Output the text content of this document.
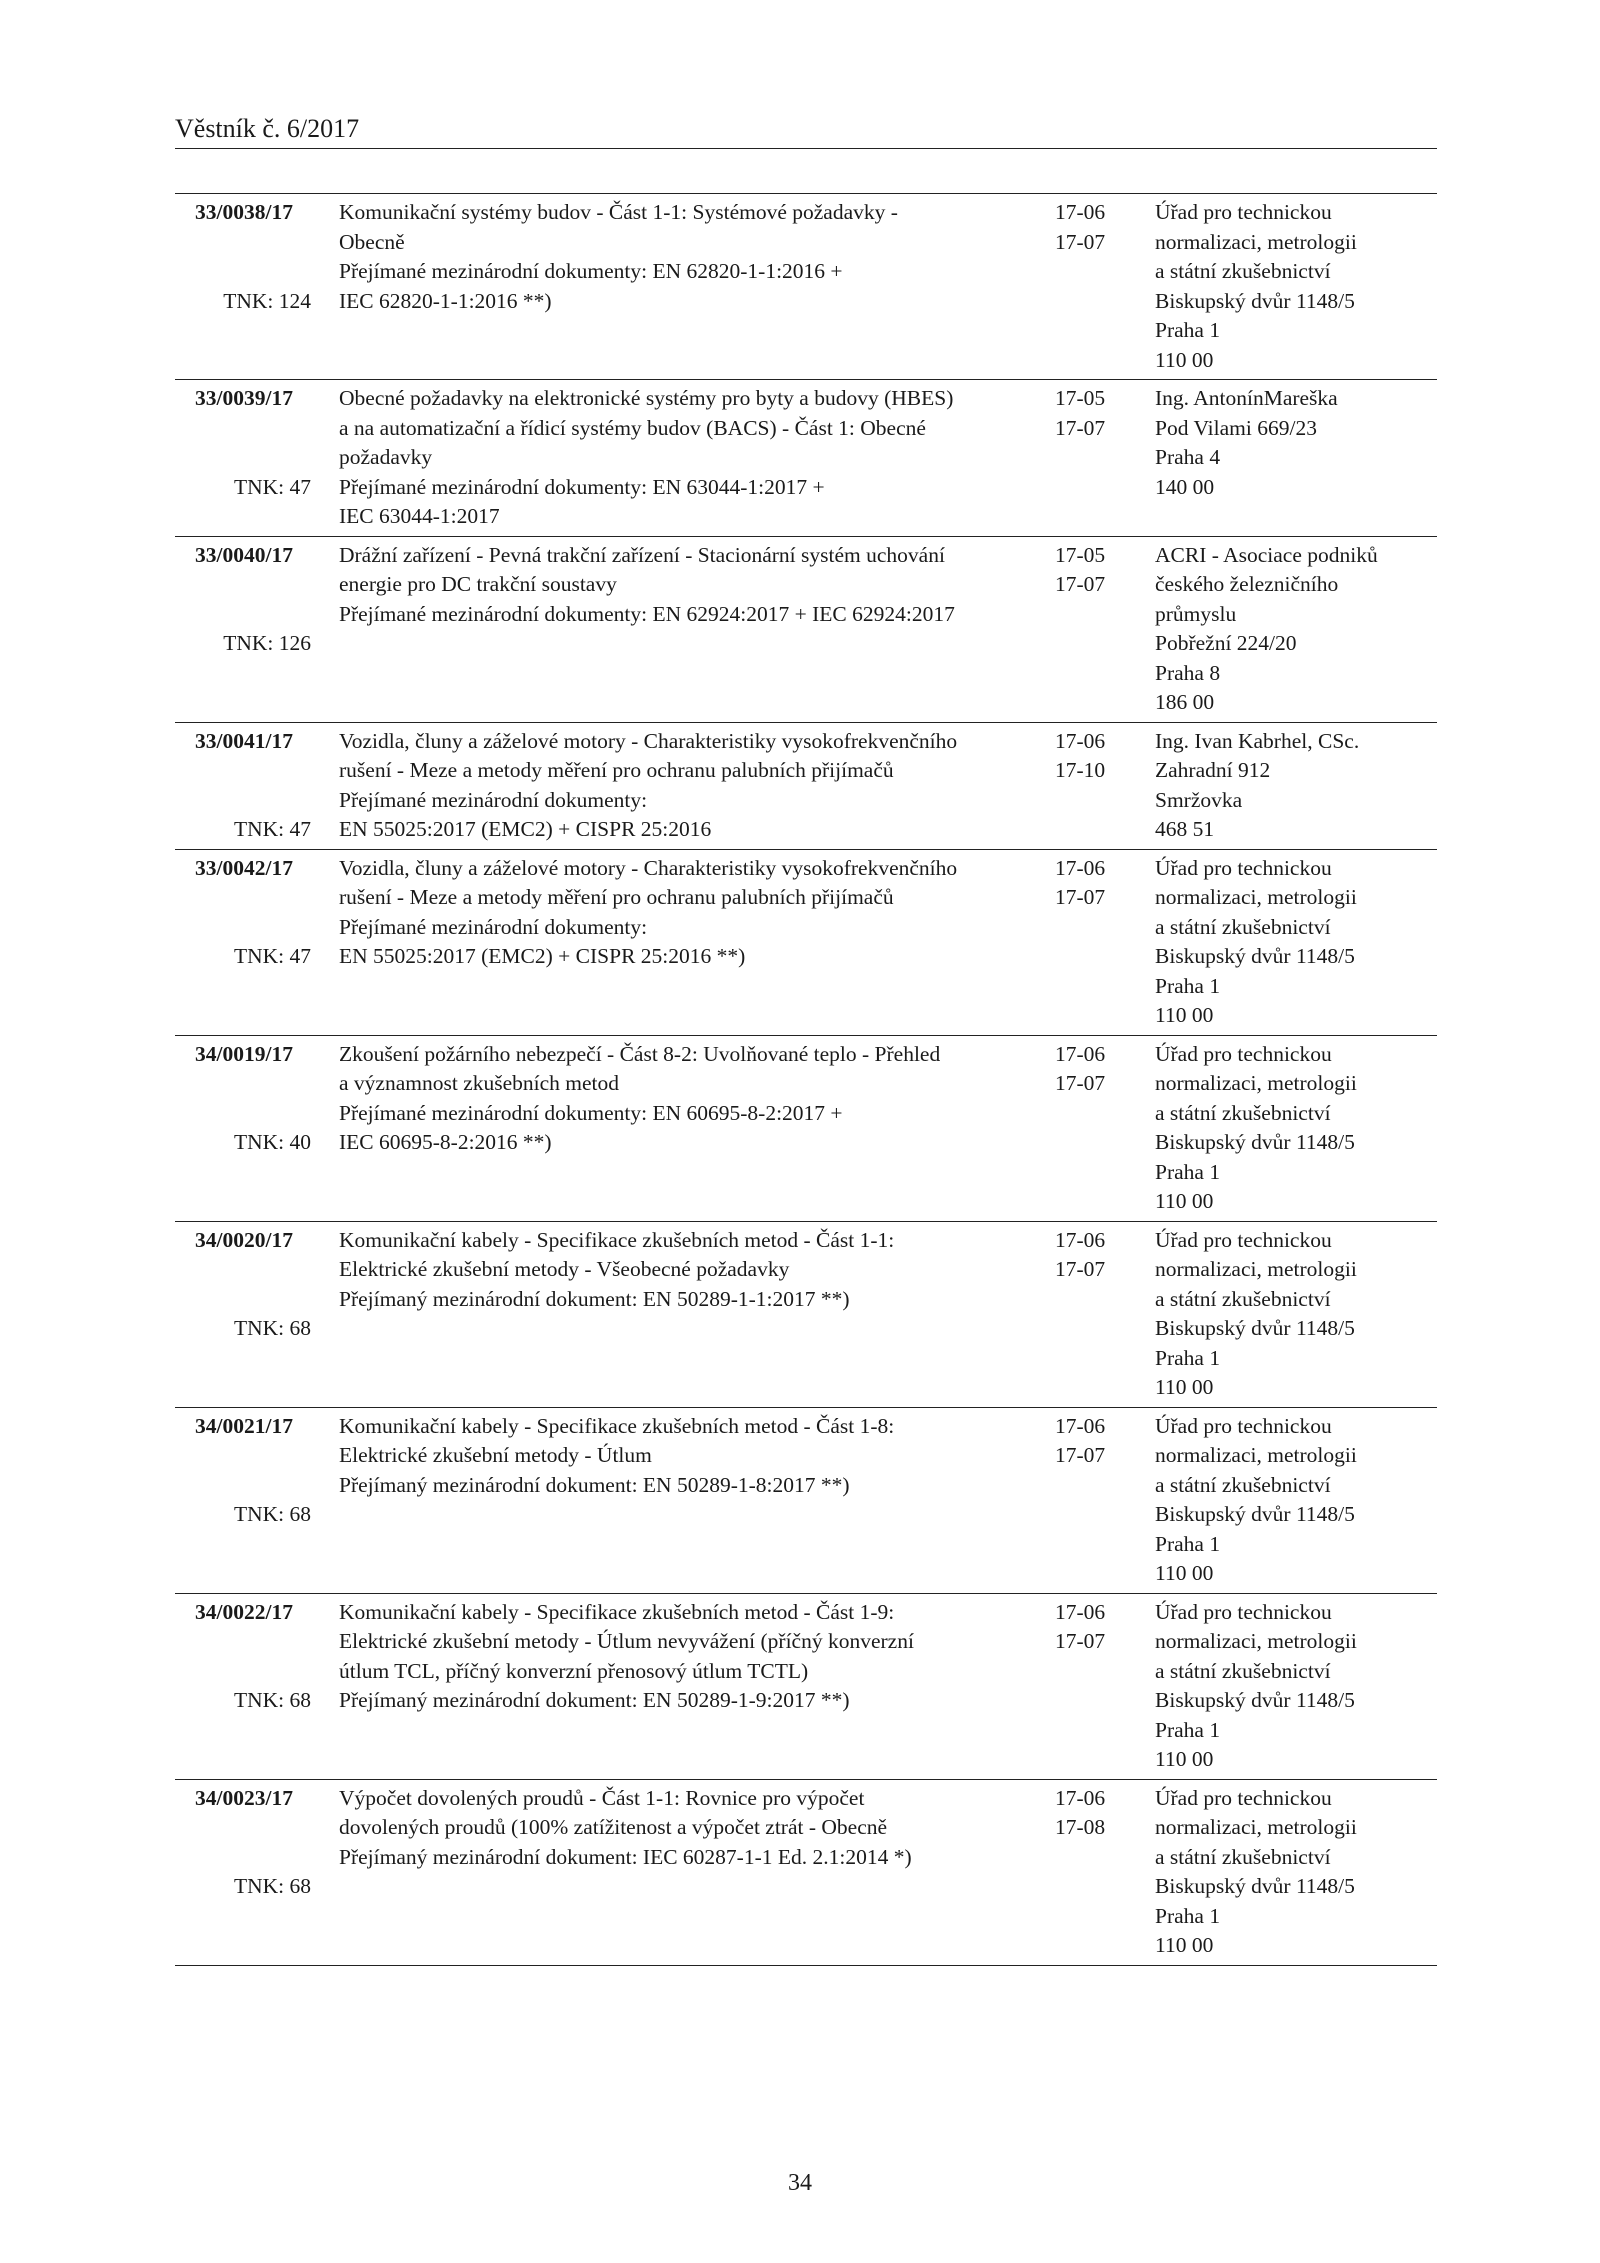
Věstník č. 6/2017
33/0038/17

TNK: 124
Komunikační systémy budov - Část 1-1: Systémové požadavky -
Obecně
Přejímané mezinárodní dokumenty: EN 62820-1-1:2016 +
IEC 62820-1-1:2016 **)
17-06
17-07
Úřad pro technickou
normalizaci, metrologii
a státní zkušebnictví
Biskupský dvůr 1148/5
Praha 1
110 00
33/0039/17

TNK: 47
Obecné požadavky na elektronické systémy pro byty a budovy (HBES)
a na automatizační a řídicí systémy budov (BACS) - Část 1: Obecné
požadavky
Přejímané mezinárodní dokumenty: EN 63044-1:2017 +
IEC 63044-1:2017
17-05
17-07
Ing. AntonínMareška
Pod Vilami 669/23
Praha 4
140 00
33/0040/17

TNK: 126
Drážní zařízení - Pevná trakční zařízení - Stacionární systém uchování
energie pro DC trakční soustavy
Přejímané mezinárodní dokumenty: EN 62924:2017 + IEC 62924:2017
17-05
17-07
ACRI - Asociace podniků
českého železničního
průmyslu
Pobřežní 224/20
Praha 8
186 00
33/0041/17

TNK: 47
Vozidla, čluny a záželové motory - Charakteristiky vysokofrekvenčního
rušení - Meze a metody měření pro ochranu palubních přijímačů
Přejímané mezinárodní dokumenty:
EN 55025:2017 (EMC2) + CISPR 25:2016
17-06
17-10
Ing. Ivan Kabrhel, CSc.
Zahradní 912
Smržovka
468 51
33/0042/17

TNK: 47
Vozidla, čluny a záželové motory - Charakteristiky vysokofrekvenčního
rušení - Meze a metody měření pro ochranu palubních přijímačů
Přejímané mezinárodní dokumenty:
EN 55025:2017 (EMC2) + CISPR 25:2016 **)
17-06
17-07
Úřad pro technickou
normalizaci, metrologii
a státní zkušebnictví
Biskupský dvůr 1148/5
Praha 1
110 00
34/0019/17

TNK: 40
Zkoušení požárního nebezpečí - Část 8-2: Uvolňované teplo - Přehled
a významnost zkušebních metod
Přejímané mezinárodní dokumenty: EN 60695-8-2:2017 +
IEC 60695-8-2:2016 **)
17-06
17-07
Úřad pro technickou
normalizaci, metrologii
a státní zkušebnictví
Biskupský dvůr 1148/5
Praha 1
110 00
34/0020/17

TNK: 68
Komunikační kabely - Specifikace zkušebních metod - Část 1-1:
Elektrické zkušební metody - Všeobecné požadavky
Přejímaný mezinárodní dokument: EN 50289-1-1:2017 **)
17-06
17-07
Úřad pro technickou
normalizaci, metrologii
a státní zkušebnictví
Biskupský dvůr 1148/5
Praha 1
110 00
34/0021/17

TNK: 68
Komunikační kabely - Specifikace zkušebních metod - Část 1-8:
Elektrické zkušební metody - Útlum
Přejímaný mezinárodní dokument: EN 50289-1-8:2017 **)
17-06
17-07
Úřad pro technickou
normalizaci, metrologii
a státní zkušebnictví
Biskupský dvůr 1148/5
Praha 1
110 00
34/0022/17

TNK: 68
Komunikační kabely - Specifikace zkušebních metod - Část 1-9:
Elektrické zkušební metody - Útlum nevyvážení (příčný konverzní
útlum TCL, příčný konverzní přenosový útlum TCTL)
Přejímaný mezinárodní dokument: EN 50289-1-9:2017 **)
17-06
17-07
Úřad pro technickou
normalizaci, metrologii
a státní zkušebnictví
Biskupský dvůr 1148/5
Praha 1
110 00
34/0023/17

TNK: 68
Výpočet dovolených proudů - Část 1-1: Rovnice pro výpočet
dovolených proudů (100% zatížitenost a výpočet ztrát - Obecně
Přejímaný mezinárodní dokument: IEC 60287-1-1 Ed. 2.1:2014 *)
17-06
17-08
Úřad pro technickou
normalizaci, metrologii
a státní zkušebnictví
Biskupský dvůr 1148/5
Praha 1
110 00
34
